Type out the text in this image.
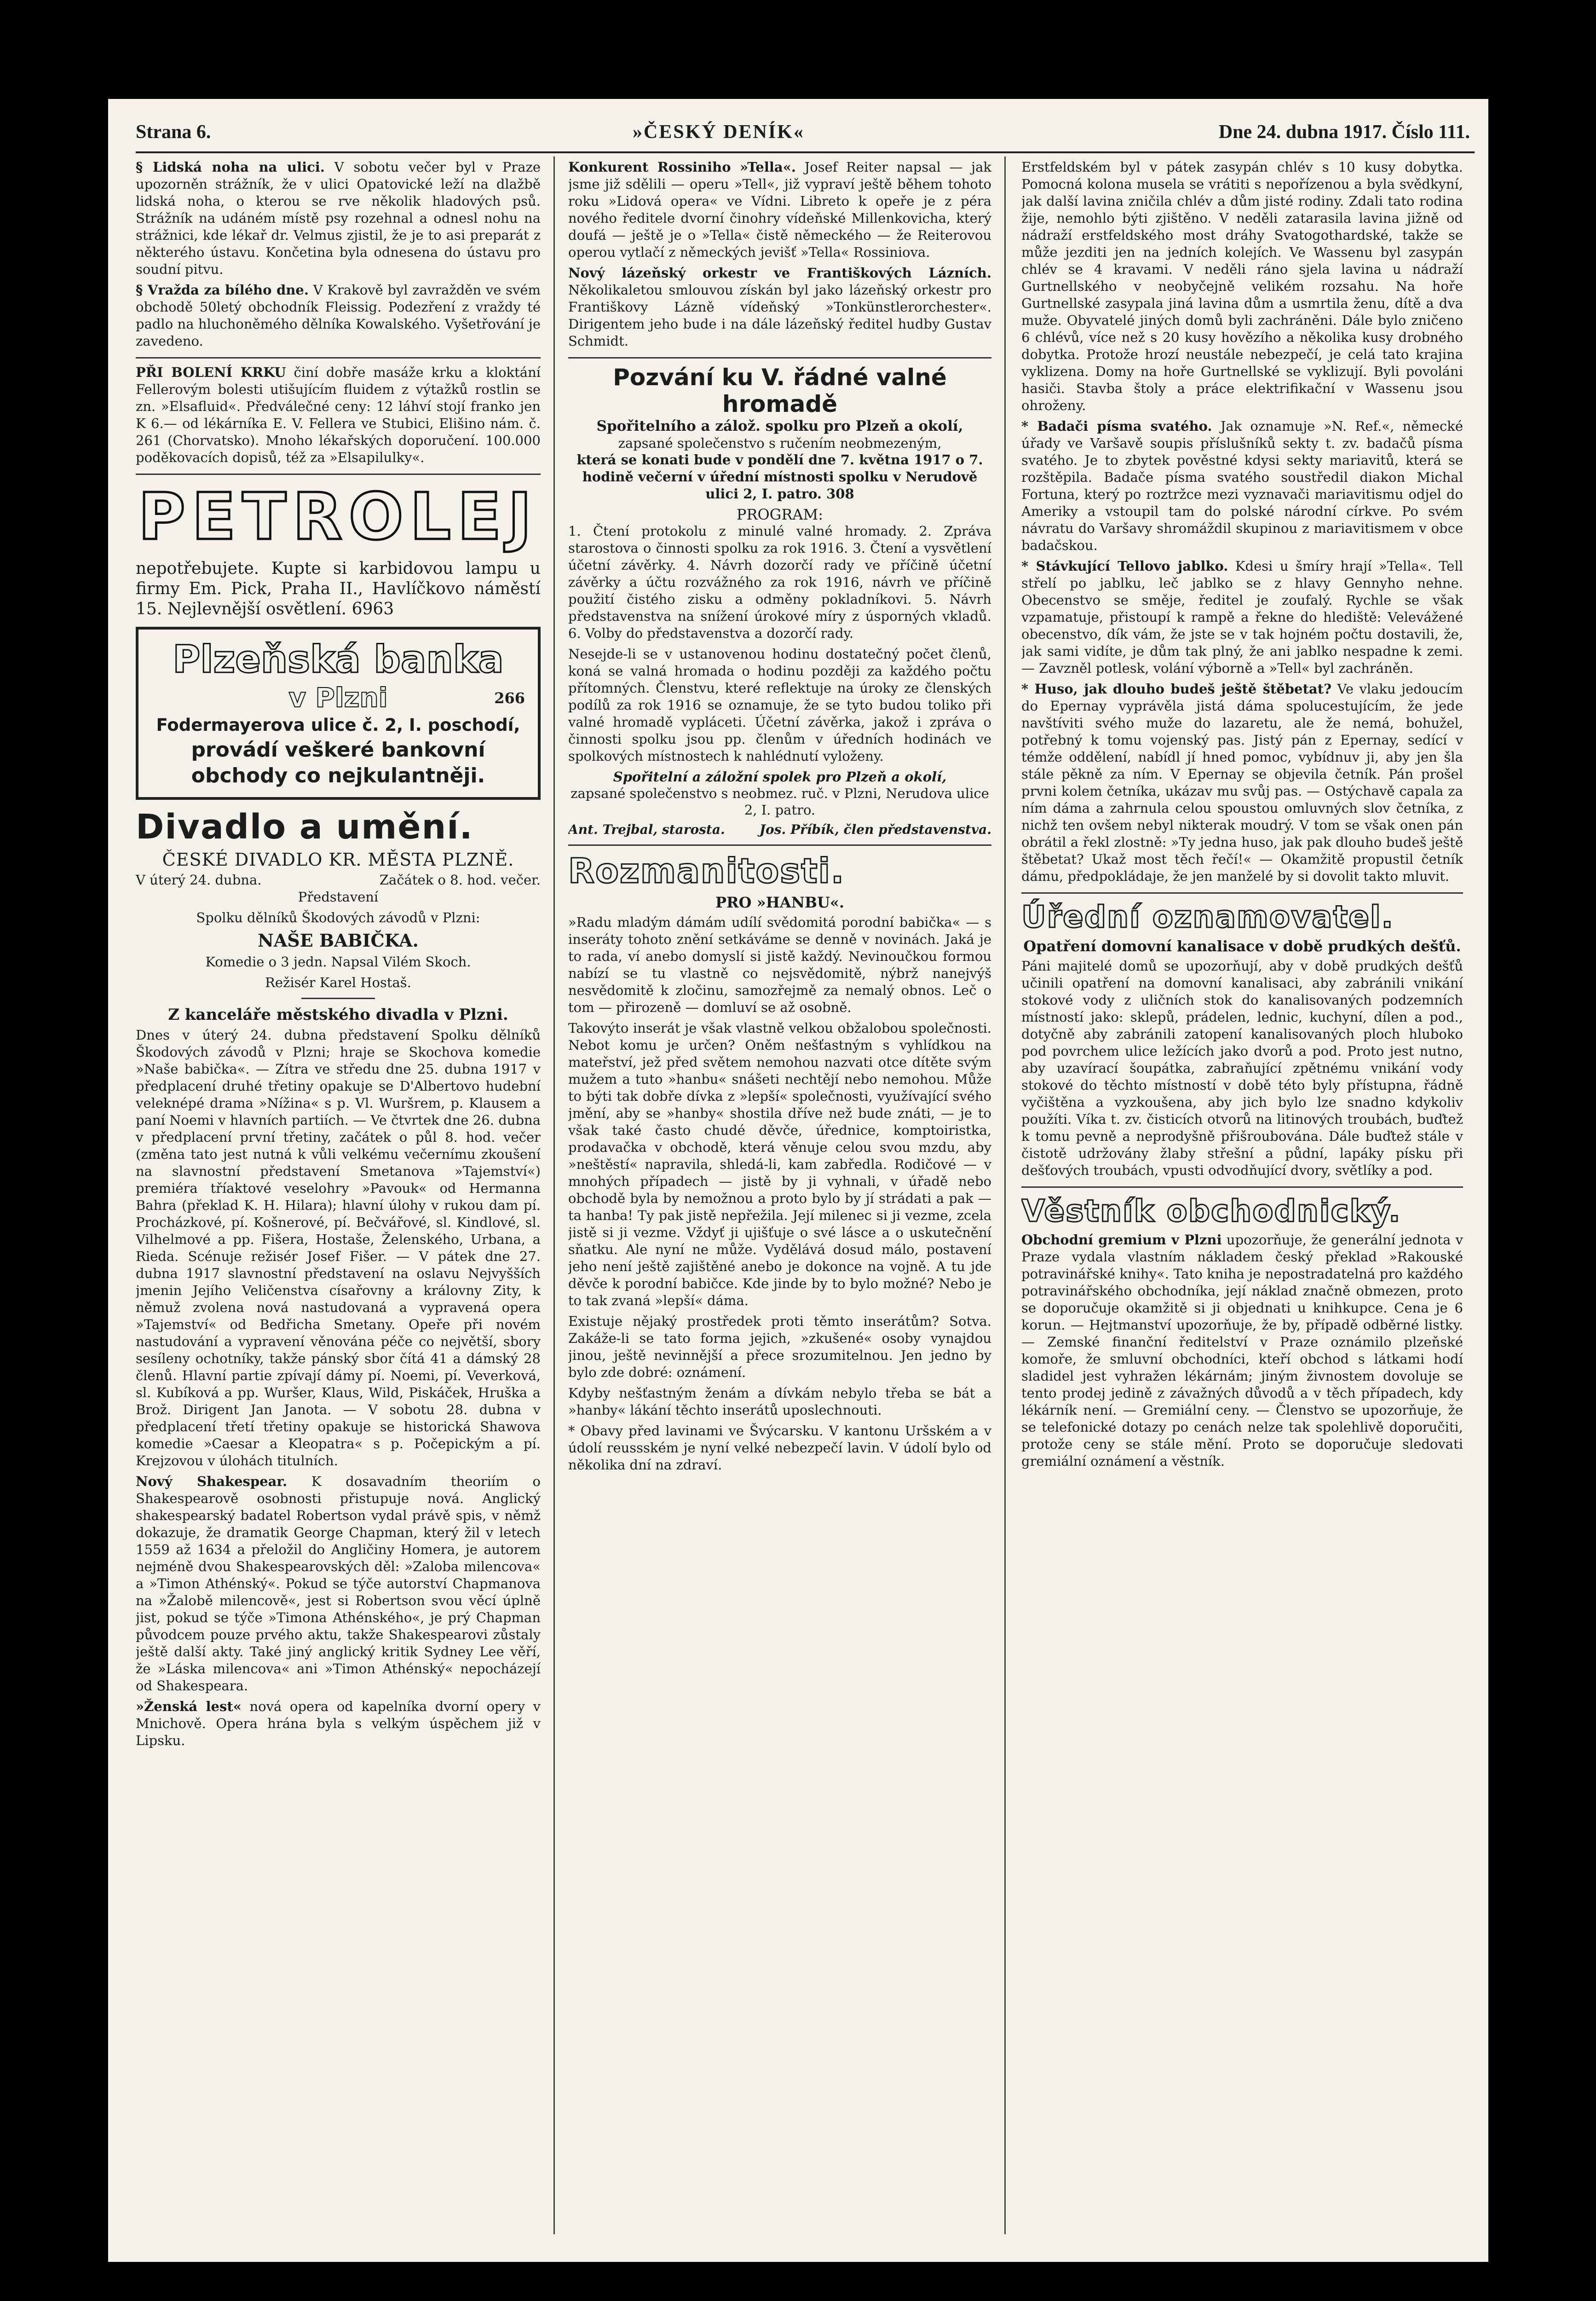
Strana 6.	»ČESKÝ DENÍK«	Dne 24. dubna 1917. Číslo 111.

§ Lidská noha na ulici. V sobotu večer byl v Praze upozorněn strážník, že v ulici Opatovické leží na dlažbě lidská noha, o kterou se rve několik hladových psů. Strážník na udáném místě psy rozehnal a odnesl nohu na strážnici, kde lékař dr. Velmus zjistil, že je to asi preparát z některého ústavu. Končetina byla odnesena do ústavu pro soudní pitvu.

§ Vražda za bílého dne. V Krakově byl zavražděn ve svém obchodě 50letý obchodník Fleissig. Podezření z vraždy té padlo na hluchoněmého dělníka Kowalského. Vyšetřování je zavedeno.

PŘI BOLENÍ KRKU činí dobře masáže krku a kloktání Fellerovým bolesti utišujícím fluidem z výtažků rostlin se zn. »Elsafluid«. Předválečné ceny: 12 láhví stojí franko jen K 6.— od lékárníka E. V. Fellera ve Stubici, Elišino nám. č. 261 (Chorvatsko). Mnoho lékařských doporučení. 100.000 poděkovacích dopisů, též za »Elsapilulky«.

PETROLEJ

nepotřebujete. Kupte si karbidovou lampu u firmy Em. Pick, Praha II., Havlíčkovo náměstí 15. Nejlevnější osvětlení. 6963

Plzeňská banka
v Plzni	266
Fodermayerova ulice č. 2, I. poschodí,
provádí veškeré bankovní obchody co nejkulantněji.
Divadlo a umění.
ČESKÉ DIVADLO KR. MĚSTA PLZNĚ.
V úterý 24. dubna.	Začátek o 8. hod. večer.

Představení

Spolku dělníků Škodových závodů v Plzni:

NAŠE BABIČKA.

Komedie o 3 jedn. Napsal Vilém Skoch.

Režisér Karel Hostaš.

Z kanceláře městského divadla v Plzni.

Dnes v úterý 24. dubna představení Spolku dělníků Škodových závodů v Plzni; hraje se Skochova komedie »Naše babička«. — Zítra ve středu dne 25. dubna 1917 v předplacení druhé třetiny opakuje se D'Albertovo hudební veleknépé drama »Nížina« s p. Vl. Wuršrem, p. Klausem a paní Noemi v hlavních partiích. — Ve čtvrtek dne 26. dubna v předplacení první třetiny, začátek o půl 8. hod. večer (změna tato jest nutná k vůli velkému večernímu zkoušení na slavnostní představení Smetanova »Tajemství«) premiéra tříaktové veselohry »Pavouk« od Hermanna Bahra (překlad K. H. Hilara); hlavní úlohy v rukou dam pí. Procházkové, pí. Košnerové, pí. Bečvářové, sl. Kindlové, sl. Vilhelmové a pp. Fišera, Hostaše, Želenského, Urbana, a Rieda. Scénuje režisér Josef Fišer. — V pátek dne 27. dubna 1917 slavnostní představení na oslavu Nejvyšších jmenin Jejího Veličenstva císařovny a královny Zity, k němuž zvolena nová nastudovaná a vypravená opera »Tajemství« od Bedřicha Smetany. Opeře při novém nastudování a vypravení věnována péče co největší, sbory sesíleny ochotníky, takže pánský sbor čítá 41 a dámský 28 členů. Hlavní partie zpívají dámy pí. Noemi, pí. Veverková, sl. Kubíková a pp. Wuršer, Klaus, Wild, Piskáček, Hruška a Brož. Dirigent Jan Janota. — V sobotu 28. dubna v předplacení třetí třetiny opakuje se historická Shawova komedie »Caesar a Kleopatra« s p. Počepickým a pí. Krejzovou v úlohách titulních.

Nový Shakespear. K dosavadním theoriím o Shakespearově osobnosti přistupuje nová. Anglický shakespearský badatel Robertson vydal právě spis, v němž dokazuje, že dramatik George Chapman, který žil v letech 1559 až 1634 a přeložil do Angličiny Homera, je autorem nejméně dvou Shakespearovských děl: »Zaloba milencova« a »Timon Athénský«. Pokud se týče autorství Chapmanova na »Žalobě milencově«, jest si Robertson svou věcí úplně jist, pokud se týče »Timona Athénského«, je prý Chapman původcem pouze prvého aktu, takže Shakespearovi zůstaly ještě další akty. Také jiný anglický kritik Sydney Lee věří, že »Láska milencova« ani »Timon Athénský« nepocházejí od Shakespeara.

»Ženská lest« nová opera od kapelníka dvorní opery v Mnichově. Opera hrána byla s velkým úspěchem již v Lipsku.

Konkurent Rossiniho »Tella«. Josef Reiter napsal — jak jsme již sdělili — operu »Tell«, již vypraví ještě během tohoto roku »Lidová opera« ve Vídni. Libreto k opeře je z péra nového ředitele dvorní činohry vídeňské Millenkovicha, který doufá — ještě je o »Tella« čistě německého — že Reiterovou operou vytlačí z německých jevišť »Tella« Rossiniova.

Nový lázeňský orkestr ve Františkových Lázních. Několikaletou smlouvou získán byl jako lázeňský orkestr pro Františkovy Lázně vídeňský »Tonkünstlerorchester«. Dirigentem jeho bude i na dále lázeňský ředitel hudby Gustav Schmidt.

Pozvání ku V. řádné valné hromadě
Spořitelního a zálož. spolku pro Plzeň a okolí,
zapsané společenstvo s ručením neobmezeným,

která se konati bude v pondělí dne 7. května 1917 o 7. hodině večerní v úřední místnosti spolku v Nerudově ulici 2, I. patro. 308

PROGRAM:

1. Čtení protokolu z minulé valné hromady. 2. Zpráva starostova o činnosti spolku za rok 1916. 3. Čtení a vysvětlení účetní závěrky. 4. Návrh dozorčí rady ve příčině účetní závěrky a účtu rozvážného za rok 1916, návrh ve příčině použití čistého zisku a odměny pokladníkovi. 5. Návrh představenstva na snížení úrokové míry z úsporných vkladů. 6. Volby do představenstva a dozorčí rady.

Nesejde-li se v ustanovenou hodinu dostatečný počet členů, koná se valná hromada o hodinu později za každého počtu přítomných. Členstvu, které reflektuje na úroky ze členských podílů za rok 1916 se oznamuje, že se tyto budou toliko při valné hromadě vypláceti. Účetní závěrka, jakož i zpráva o činnosti spolku jsou pp. členům v úředních hodinách ve spolkových místnostech k nahlédnutí vyloženy.

Spořitelní a záložní spolek pro Plzeň a okolí,
zapsané společenstvo s neobmez. ruč. v Plzni, Nerudova ulice 2, I. patro.
Ant. Trejbal, starosta.	Jos. Příbík, člen představenstva.
Rozmanitosti.
PRO »HANBU«.

»Radu mladým dámám udílí svědomitá porodní babička« — s inseráty tohoto znění setkáváme se denně v novinách. Jaká je to rada, ví anebo domyslí si jistě každý. Nevinoučkou formou nabízí se tu vlastně co nejsvědomitě, nýbrž nanejvýš nesvědomitě k zločinu, samozřejmě za nemalý obnos. Leč o tom — přirozeně — domluví se až osobně.

Takovýto inserát je však vlastně velkou obžalobou společnosti. Nebot komu je určen? Oněm nešťastným s vyhlídkou na mateřství, jež před světem nemohou nazvati otce dítěte svým mužem a tuto »hanbu« snášeti nechtějí nebo nemohou. Může to býti tak dobře dívka z »lepší« společnosti, využívající svého jmění, aby se »hanby« shostila dříve než bude znáti, — je to však také často chudé děvče, úřednice, komptoiristka, prodavačka v obchodě, která věnuje celou svou mzdu, aby »neštěstí« napravila, shledá-li, kam zabředla. Rodičové — v mnohých případech — jistě by ji vyhnali, v úřadě nebo obchodě byla by nemožnou a proto bylo by jí strádati a pak — ta hanba! Ty pak jistě nepřežila. Její milenec si ji vezme, zcela jistě si ji vezme. Vždyť ji ujišťuje o své lásce a o uskutečnění sňatku. Ale nyní ne může. Vydělává dosud málo, postavení jeho není ještě zajištěné anebo je dokonce na vojně. A tu jde děvče k porodní babičce. Kde jinde by to bylo možné? Nebo je to tak zvaná »lepší« dáma.

Existuje nějaký prostředek proti těmto inserátům? Sotva. Zakáže-li se tato forma jejich, »zkušené« osoby vynajdou jinou, ještě nevinnější a přece srozumitelnou. Jen jedno by bylo zde dobré: oznámení.

Kdyby nešťastným ženám a dívkám nebylo třeba se bát a »hanby« lákání těchto inserátů uposlechnouti.

* Obavy před lavinami ve Švýcarsku. V kantonu Uršském a v údolí reussském je nyní velké nebezpečí lavin. V údolí bylo od několika dní na zdraví.

Erstfeldském byl v pátek zasypán chlév s 10 kusy dobytka. Pomocná kolona musela se vrátiti s nepořízenou a byla svědkyní, jak další lavina zničila chlév a dům jisté rodiny. Zdali tato rodina žije, nemohlo býti zjištěno. V neděli zatarasila lavina jižně od nádraží erstfeldského most dráhy Svatogothardské, takže se může jezditi jen na jedních kolejích. Ve Wassenu byl zasypán chlév se 4 kravami. V neděli ráno sjela lavina u nádraží Gurtnellského v neobyčejně velikém rozsahu. Na hoře Gurtnellské zasypala jiná lavina dům a usmrtila ženu, dítě a dva muže. Obyvatelé jiných domů byli zachráněni. Dále bylo zničeno 6 chlévů, více než s 20 kusy hovězího a několika kusy drobného dobytka. Protože hrozí neustále nebezpečí, je celá tato krajina vyklizena. Domy na hoře Gurtnellské se vyklizují. Byli povoláni hasiči. Stavba štoly a práce elektrifikační v Wassenu jsou ohroženy.

* Badači písma svatého. Jak oznamuje »N. Ref.«, německé úřady ve Varšavě soupis příslušníků sekty t. zv. badačů písma svatého. Je to zbytek pověstné kdysi sekty mariavitů, která se rozštěpila. Badače písma svatého soustředil diakon Michal Fortuna, který po roztržce mezi vyznavači mariavitismu odjel do Ameriky a vstoupil tam do polské národní církve. Po svém návratu do Varšavy shromáždil skupinou z mariavitismem v obce badačskou.

* Stávkující Tellovo jablko. Kdesi u šmíry hrají »Tella«. Tell střelí po jablku, leč jablko se z hlavy Gennyho nehne. Obecenstvo se směje, ředitel je zoufalý. Rychle se však vzpamatuje, přistoupí k rampě a řekne do hlediště: Velevážené obecenstvo, dík vám, že jste se v tak hojném počtu dostavili, že, jak sami vidíte, je dům tak plný, že ani jablko nespadne k zemi. — Zavzněl potlesk, volání výborně a »Tell« byl zachráněn.

* Huso, jak dlouho budeš ještě štěbetat? Ve vlaku jedoucím do Epernay vyprávěla jistá dáma spolucestujícím, že jede navštíviti svého muže do lazaretu, ale že nemá, bohužel, potřebný k tomu vojenský pas. Jistý pán z Epernay, sedící v témže oddělení, nabídl jí hned pomoc, vybídnuv ji, aby jen šla stále pěkně za ním. V Epernay se objevila četník. Pán prošel prvni kolem četníka, ukázav mu svůj pas. — Ostýchavě capala za ním dáma a zahrnula celou spoustou omluvných slov četníka, z nichž ten ovšem nebyl nikterak moudrý. V tom se však onen pán obrátil a řekl zlostně: »Ty jedna huso, jak pak dlouho budeš ještě štěbetat? Ukaž most těch řečí!« — Okamžitě propustil četník dámu, předpokládaje, že jen manželé by si dovolit takto mluvit.

Úřední oznamovatel.
Opatření domovní kanalisace v době prudkých dešťů.

Páni majitelé domů se upozorňují, aby v době prudkých dešťů učinili opatření na domovní kanalisaci, aby zabránili vnikání stokové vody z uličních stok do kanalisovaných podzemních místností jako: sklepů, prádelen, lednic, kuchyní, dílen a pod., dotyčně aby zabránili zatopení kanalisovaných ploch hluboko pod povrchem ulice ležících jako dvorů a pod. Proto jest nutno, aby uzavírací šoupátka, zabraňující zpětnému vnikání vody stokové do těchto místností v době této byly přístupna, řádně vyčištěna a vyzkoušena, aby jich bylo lze snadno kdykoliv použíti. Víka t. zv. čisticích otvorů na litinových troubách, buďtež k tomu pevně a neprodyšně přišroubována. Dále buďtež stále v čistotě udržovány žlaby střešní a půdní, lapáky písku při dešťových troubách, vpusti odvodňující dvory, světlíky a pod.

Věstník obchodnický.

Obchodní gremium v Plzni upozorňuje, že generální jednota v Praze vydala vlastním nákladem český překlad »Rakouské potravinářské knihy«. Tato kniha je nepostradatelná pro každého potravinářského obchodníka, její náklad značně obmezen, proto se doporučuje okamžitě si ji objednati u knihkupce. Cena je 6 korun. — Hejtmanství upozorňuje, že by, případě odběrné listky. — Zemské finanční ředitelství v Praze oznámilo plzeňské komoře, že smluvní obchodníci, kteří obchod s látkami hodí sladidel jest vyhražen lékárnám; jiným živnostem dovoluje se tento prodej jedině z závažných důvodů a v těch případech, kdy lékárník není. — Gremiální ceny. — Členstvo se upozorňuje, že se telefonické dotazy po cenách nelze tak spolehlivě doporučiti, protože ceny se stále mění. Proto se doporučuje sledovati gremiální oznámení a věstník.
